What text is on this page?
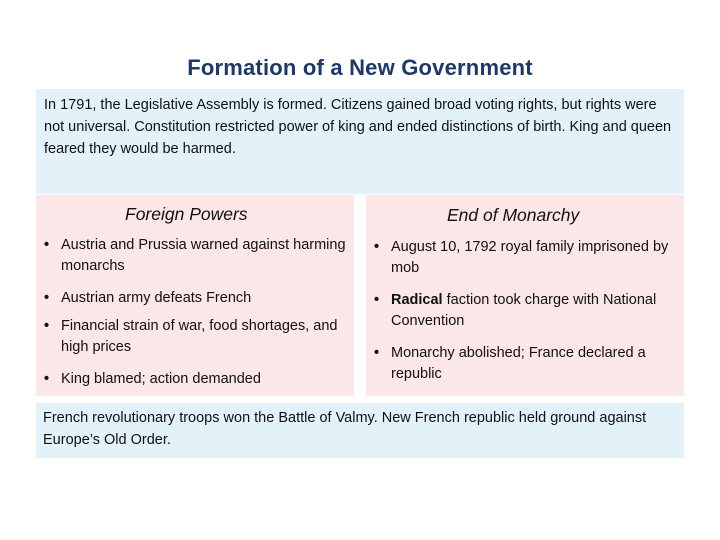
Formation of a New Government
In 1791, the Legislative Assembly is formed. Citizens gained broad voting rights, but rights were not universal. Constitution restricted power of king and ended distinctions of birth. King and queen feared they would be harmed.
Foreign Powers
• Austria and Prussia warned against harming monarchs
• Austrian army defeats French
• Financial strain of war, food shortages, and high prices
• King blamed; action demanded
End of Monarchy
• August 10, 1792 royal family imprisoned by mob
• Radical faction took charge with National Convention
• Monarchy abolished; France declared a republic
French revolutionary troops won the Battle of Valmy. New French republic held ground against Europe’s Old Order.
